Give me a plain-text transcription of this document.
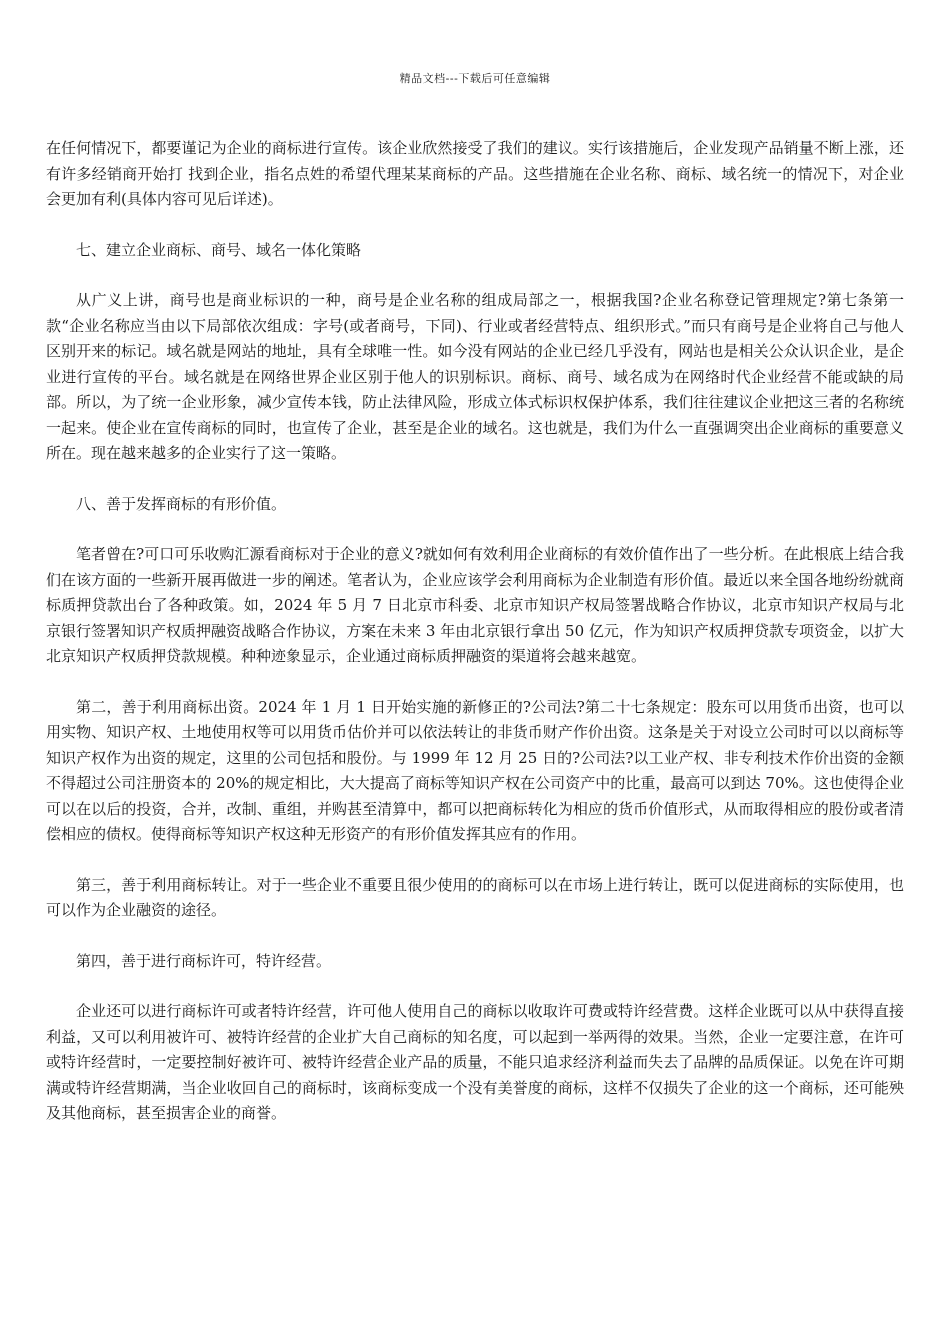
精品文档---下载后可任意编辑

在任何情况下，都要谨记为企业的商标进行宣传。该企业欣然接受了我们的建议。实行该措施后，企业发现产品销量不断上涨，还有许多经销商开始打 找到企业，指名点姓的希望代理某某商标的产品。这些措施在企业名称、商标、域名统一的情况下，对企业会更加有利(具体内容可见后详述)。

七、建立企业商标、商号、域名一体化策略

从广义上讲，商号也是商业标识的一种，商号是企业名称的组成局部之一，根据我国?企业名称登记管理规定?第七条第一款“企业名称应当由以下局部依次组成：字号(或者商号，下同)、行业或者经营特点、组织形式。”而只有商号是企业将自己与他人区别开来的标记。域名就是网站的地址，具有全球唯一性。如今没有网站的企业已经几乎没有，网站也是相关公众认识企业，是企业进行宣传的平台。域名就是在网络世界企业区别于他人的识别标识。商标、商号、域名成为在网络时代企业经营不能或缺的局部。所以，为了统一企业形象，减少宣传本钱，防止法律风险，形成立体式标识权保护体系，我们往往建议企业把这三者的名称统一起来。使企业在宣传商标的同时，也宣传了企业，甚至是企业的域名。这也就是，我们为什么一直强调突出企业商标的重要意义所在。现在越来越多的企业实行了这一策略。

八、善于发挥商标的有形价值。

笔者曾在?可口可乐收购汇源看商标对于企业的意义?就如何有效利用企业商标的有效价值作出了一些分析。在此根底上结合我们在该方面的一些新开展再做进一步的阐述。笔者认为，企业应该学会利用商标为企业制造有形价值。最近以来全国各地纷纷就商标质押贷款出台了各种政策。如，2024 年 5 月 7 日北京市科委、北京市知识产权局签署战略合作协议，北京市知识产权局与北京银行签署知识产权质押融资战略合作协议，方案在未来 3 年由北京银行拿出 50 亿元，作为知识产权质押贷款专项资金，以扩大北京知识产权质押贷款规模。种种迹象显示，企业通过商标质押融资的渠道将会越来越宽。

第二，善于利用商标出资。2024 年 1 月 1 日开始实施的新修正的?公司法?第二十七条规定：股东可以用货币出资，也可以用实物、知识产权、土地使用权等可以用货币估价并可以依法转让的非货币财产作价出资。这条是关于对设立公司时可以以商标等知识产权作为出资的规定，这里的公司包括和股份。与 1999 年 12 月 25 日的?公司法?以工业产权、非专利技术作价出资的金额不得超过公司注册资本的 20%的规定相比，大大提高了商标等知识产权在公司资产中的比重，最高可以到达 70%。这也使得企业可以在以后的投资，合并，改制、重组，并购甚至清算中，都可以把商标转化为相应的货币价值形式，从而取得相应的股份或者清偿相应的债权。使得商标等知识产权这种无形资产的有形价值发挥其应有的作用。

第三，善于利用商标转让。对于一些企业不重要且很少使用的的商标可以在市场上进行转让，既可以促进商标的实际使用，也可以作为企业融资的途径。

第四，善于进行商标许可，特许经营。

企业还可以进行商标许可或者特许经营，许可他人使用自己的商标以收取许可费或特许经营费。这样企业既可以从中获得直接利益，又可以利用被许可、被特许经营的企业扩大自己商标的知名度，可以起到一举两得的效果。当然，企业一定要注意，在许可或特许经营时，一定要控制好被许可、被特许经营企业产品的质量，不能只追求经济利益而失去了品牌的品质保证。以免在许可期满或特许经营期满，当企业收回自己的商标时，该商标变成一个没有美誉度的商标，这样不仅损失了企业的这一个商标，还可能殃及其他商标，甚至损害企业的商誉。
